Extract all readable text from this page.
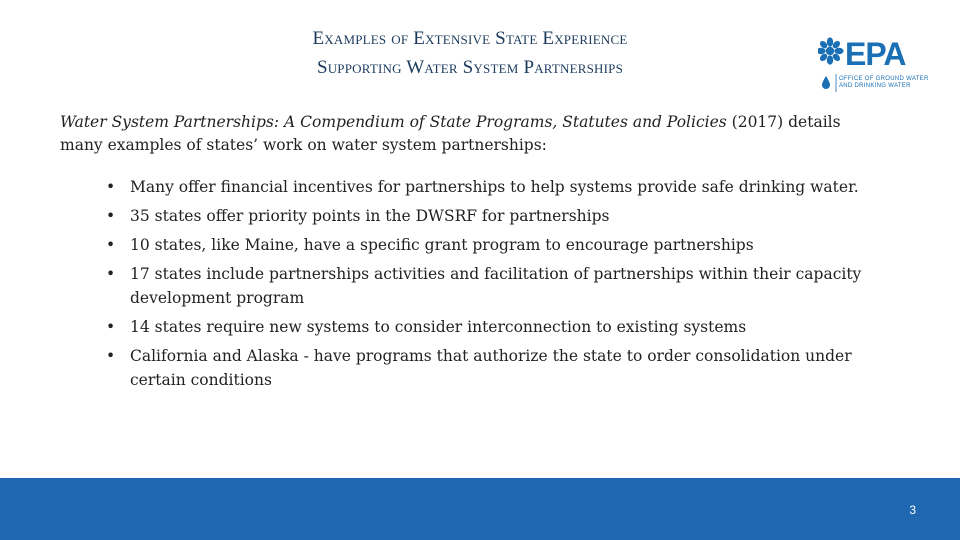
Examples of Extensive State Experience
Supporting Water System Partnerships	EPA
OFFICE OF GROUND WATER
AND DRINKING WATER
Water System Partnerships: A Compendium of State Programs, Statutes and Policies (2017) details many examples of states’ work on water system partnerships:
• Many offer financial incentives for partnerships to help systems provide safe drinking water.
• 35 states offer priority points in the DWSRF for partnerships
• 10 states, like Maine, have a specific grant program to encourage partnerships
• 17 states include partnerships activities and facilitation of partnerships within their capacity development program
• 14 states require new systems to consider interconnection to existing systems
• California and Alaska - have programs that authorize the state to order consolidation under certain conditions
3
